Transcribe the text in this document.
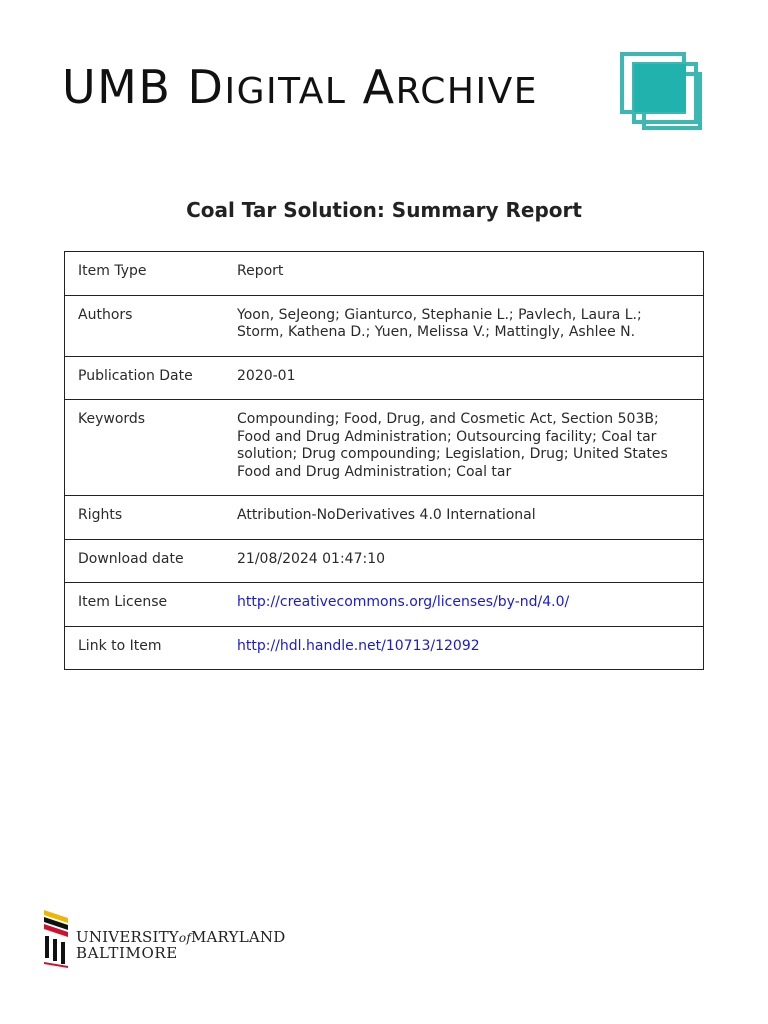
UMB DIGITAL ARCHIVE
Coal Tar Solution: Summary Report
Item Type	Report
Authors	Yoon, SeJeong; Gianturco, Stephanie L.; Pavlech, Laura L.; Storm, Kathena D.; Yuen, Melissa V.; Mattingly, Ashlee N.
Publication Date	2020-01
Keywords	Compounding; Food, Drug, and Cosmetic Act, Section 503B; Food and Drug Administration; Outsourcing facility; Coal tar solution; Drug compounding; Legislation, Drug; United States Food and Drug Administration; Coal tar
Rights	Attribution-NoDerivatives 4.0 International
Download date	21/08/2024 01:47:10
Item License	http://creativecommons.org/licenses/by-nd/4.0/
Link to Item	http://hdl.handle.net/10713/12092
UNIVERSITYofMARYLAND
BALTIMORE
